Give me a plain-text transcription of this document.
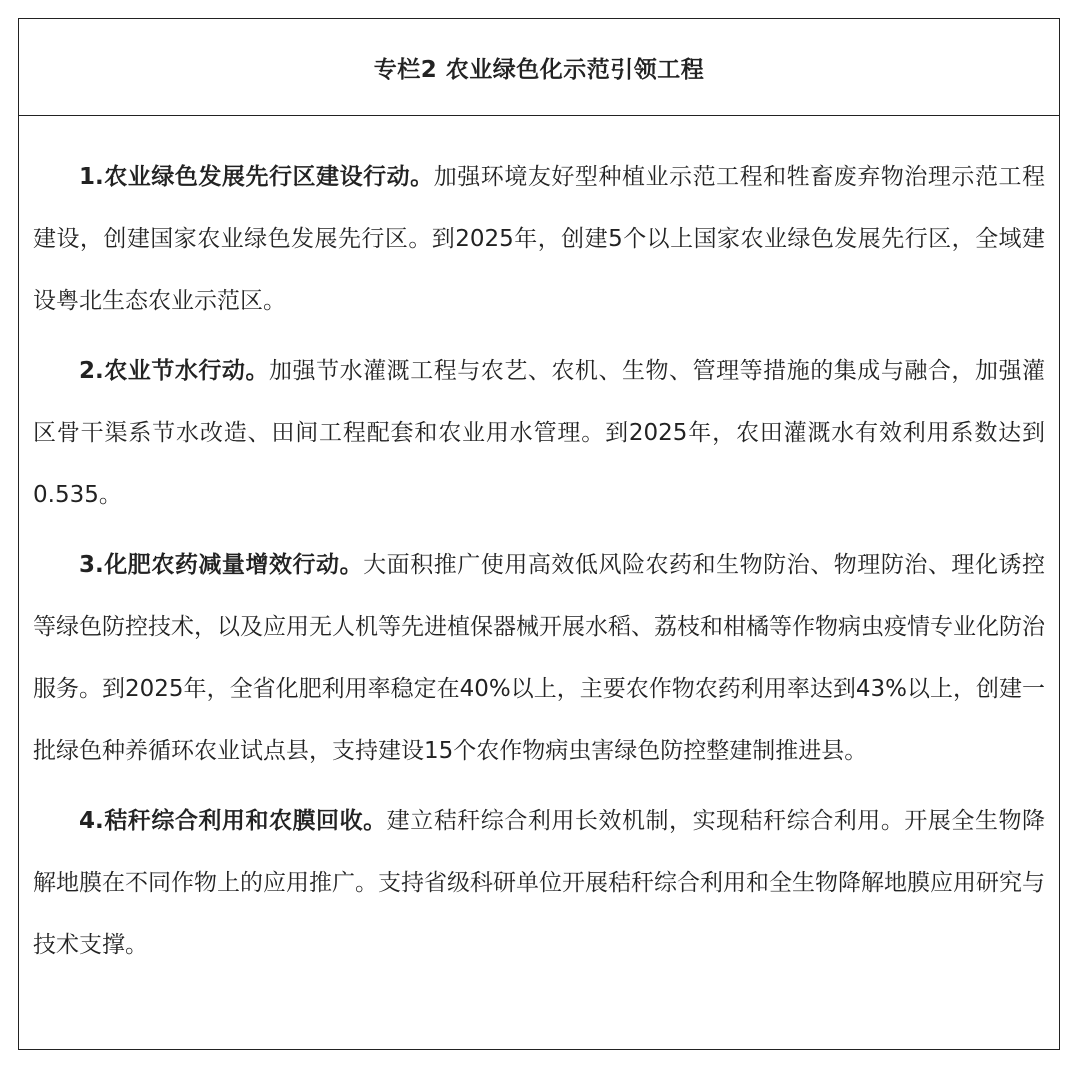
专栏2 农业绿色化示范引领工程

1.农业绿色发展先行区建设行动。加强环境友好型种植业示范工程和牲畜废弃物治理示范工程建设，创建国家农业绿色发展先行区。到2025年，创建5个以上国家农业绿色发展先行区，全域建设粤北生态农业示范区。

2.农业节水行动。加强节水灌溉工程与农艺、农机、生物、管理等措施的集成与融合，加强灌区骨干渠系节水改造、田间工程配套和农业用水管理。到2025年，农田灌溉水有效利用系数达到0.535。

3.化肥农药减量增效行动。大面积推广使用高效低风险农药和生物防治、物理防治、理化诱控等绿色防控技术，以及应用无人机等先进植保器械开展水稻、荔枝和柑橘等作物病虫疫情专业化防治服务。到2025年，全省化肥利用率稳定在40%以上，主要农作物农药利用率达到43%以上，创建一批绿色种养循环农业试点县，支持建设15个农作物病虫害绿色防控整建制推进县。

4.秸秆综合利用和农膜回收。建立秸秆综合利用长效机制，实现秸秆综合利用。开展全生物降解地膜在不同作物上的应用推广。支持省级科研单位开展秸秆综合利用和全生物降解地膜应用研究与技术支撑。
